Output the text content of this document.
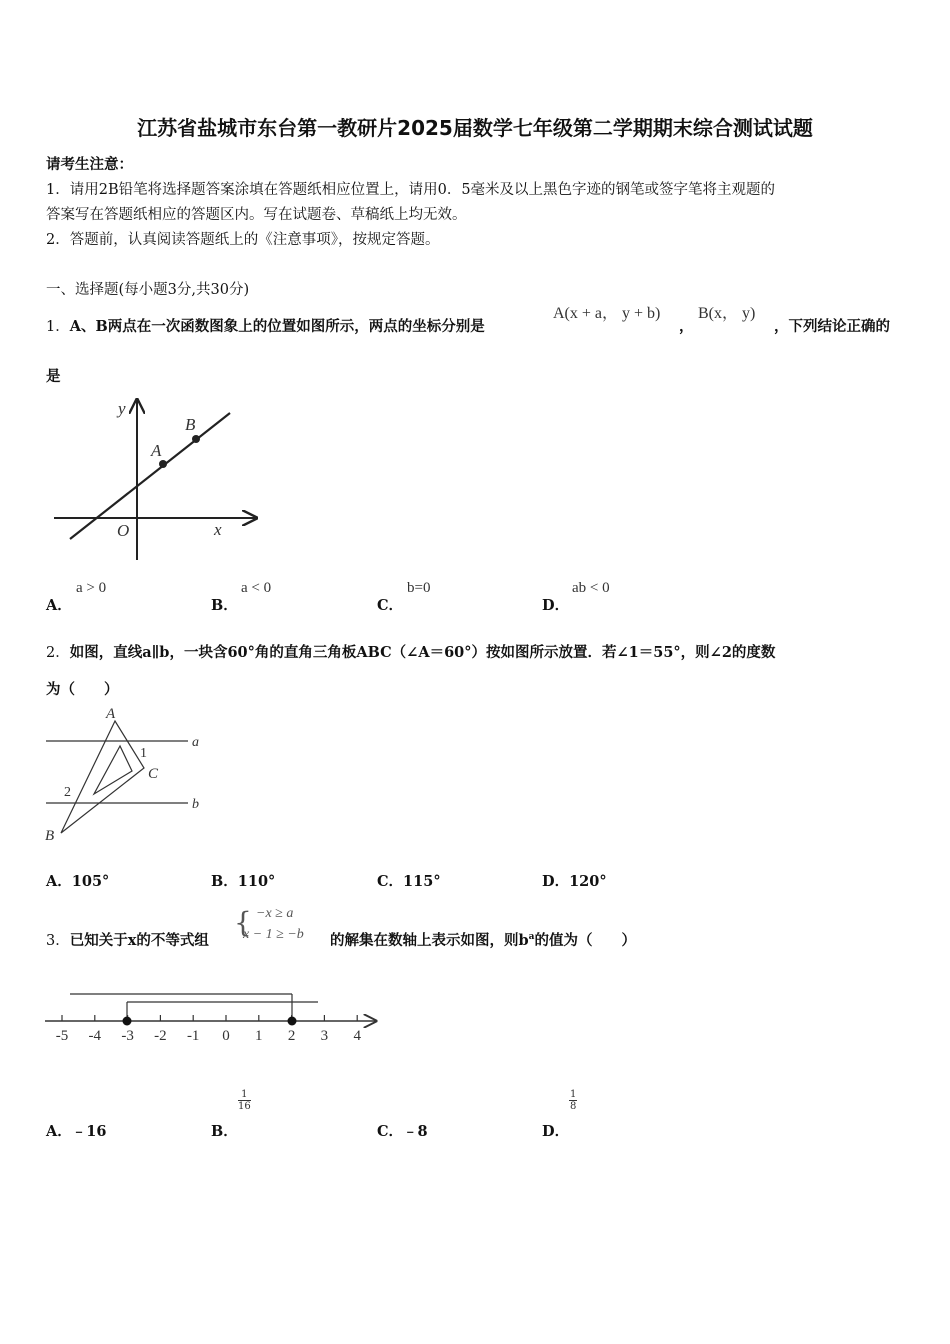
江苏省盐城市东台第一教研片2025届数学七年级第二学期期末综合测试试题
请考生注意：
1．请用2B铅笔将选择题答案涂填在答题纸相应位置上，请用0．5毫米及以上黑色字迹的钢笔或签字笔将主观题的
答案写在答题纸相应的答题区内。写在试题卷、草稿纸上均无效。
2．答题前，认真阅读答题纸上的《注意事项》，按规定答题。
一、选择题(每小题3分,共30分)
1．A、B两点在一次函数图象上的位置如图所示，两点的坐标分别是
A(x + a， y + b)
，
B(x， y)
，下列结论正确的
是
y
x
O
A
B
A．
a > 0
B．
a < 0
C．
b=0
D．
ab < 0
2．如图，直线a∥b，一块含60°角的直角三角板ABC（∠A＝60°）按如图所示放置．若∠1＝55°，则∠2的度数
为（　　）
A
B
C
1
2
a
b
A．105°	B．110°	C．115°	D．120°
3．已知关于x的不等式组
{ −x ≥ a
x − 1 ≥ −b 的解集在数轴上表示如图，则$b^a$的值为（　　）
-5 -4 -3 -2 -1 0 1 2 3 4
A．﹣16	B．
$\frac{1}{16}$
C．﹣8	D．
$\frac{1}{8}$
